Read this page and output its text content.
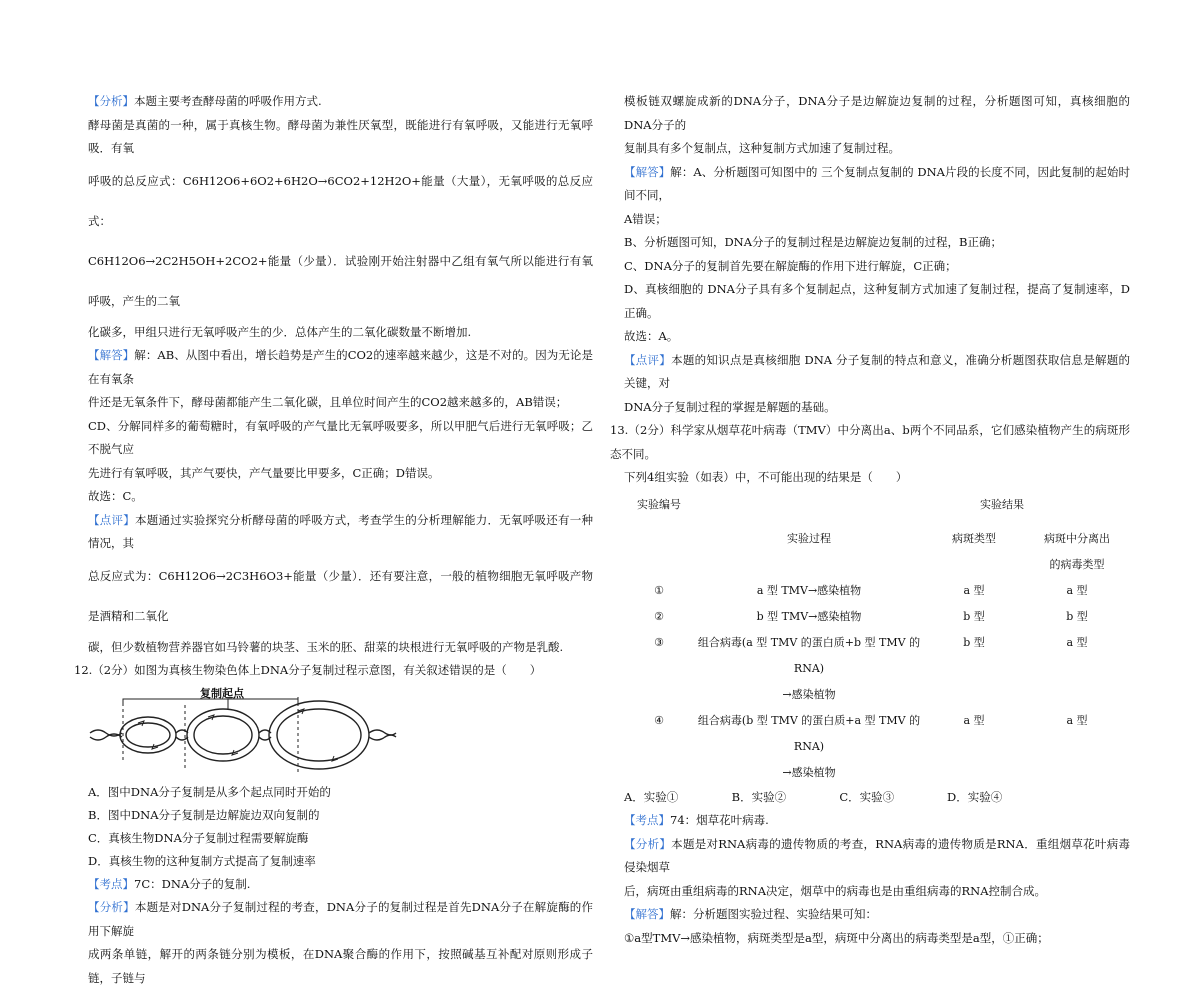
【分析】本题主要考查酵母菌的呼吸作用方式.

酵母菌是真菌的一种，属于真核生物。酵母菌为兼性厌氧型，既能进行有氧呼吸，又能进行无氧呼吸．有氧

呼吸的总反应式：C6H12O6+6O2+6H2O→6CO2+12H2O+能量（大量），无氧呼吸的总反应式：

C6H12O6→2C2H5OH+2CO2+能量（少量）．试验刚开始注射器中乙组有氧气所以能进行有氧呼吸，产生的二氧

化碳多，甲组只进行无氧呼吸产生的少．总体产生的二氧化碳数量不断增加.

【解答】解：AB、从图中看出，增长趋势是产生的CO2的速率越来越少，这是不对的。因为无论是在有氧条

件还是无氧条件下，酵母菌都能产生二氧化碳，且单位时间产生的CO2越来越多的，AB错误；

CD、分解同样多的葡萄糖时，有氧呼吸的产气量比无氧呼吸要多，所以甲肥气后进行无氧呼吸；乙不脱气应

先进行有氧呼吸，其产气要快，产气量要比甲要多，C正确；D错误。

故选：C。

【点评】本题通过实验探究分析酵母菌的呼吸方式，考查学生的分析理解能力．无氧呼吸还有一种情况，其

总反应式为：C6H12O6→2C3H6O3+能量（少量）．还有要注意，一般的植物细胞无氧呼吸产物是酒精和二氧化

碳，但少数植物营养器官如马铃薯的块茎、玉米的胚、甜菜的块根进行无氧呼吸的产物是乳酸.

12.（2分）如图为真核生物染色体上DNA分子复制过程示意图，有关叙述错误的是（　　）

复制起点

A．图中DNA分子复制是从多个起点同时开始的

B．图中DNA分子复制是边解旋边双向复制的

C．真核生物DNA分子复制过程需要解旋酶

D．真核生物的这种复制方式提高了复制速率

【考点】7C：DNA分子的复制.

【分析】本题是对DNA分子复制过程的考查，DNA分子的复制过程是首先DNA分子在解旋酶的作用下解旋

成两条单链，解开的两条链分别为模板，在DNA聚合酶的作用下，按照碱基互补配对原则形成子链，子链与

模板链双螺旋成新的DNA分子，DNA分子是边解旋边复制的过程，分析题图可知，真核细胞的DNA分子的

复制具有多个复制点，这种复制方式加速了复制过程。

【解答】解：A、分析题图可知图中的 三个复制点复制的 DNA片段的长度不同，因此复制的起始时间不同，

A错误；

B、分析题图可知，DNA分子的复制过程是边解旋边复制的过程，B正确；

C、DNA分子的复制首先要在解旋酶的作用下进行解旋，C正确；

D、真核细胞的 DNA分子具有多个复制起点，这种复制方式加速了复制过程，提高了复制速率，D正确。

故选：A。

【点评】本题的知识点是真核细胞 DNA 分子复制的特点和意义，准确分析题图获取信息是解题的关键，对

DNA分子复制过程的掌握是解题的基础。

13.（2分）科学家从烟草花叶病毒（TMV）中分离出a、b两个不同品系，它们感染植物产生的病斑形态不同。

下列4组实验（如表）中，不可能出现的结果是（　　）

实验编号		实验结果	

	实验过程	病斑类型	病斑中分离出
的病毒类型

①	a 型 TMV→感染植物	a 型	a 型
②	b 型 TMV→感染植物	b 型	b 型
③	组合病毒(a 型 TMV 的蛋白质+b 型 TMV 的 RNA)
→感染植物	b 型	a 型
④	组合病毒(b 型 TMV 的蛋白质+a 型 TMV 的 RNA)
→感染植物	a 型	a 型

A．实验①	B．实验②	C．实验③	D．实验④

【考点】74：烟草花叶病毒.

【分析】本题是对RNA病毒的遗传物质的考查，RNA病毒的遗传物质是RNA．重组烟草花叶病毒侵染烟草

后，病斑由重组病毒的RNA决定，烟草中的病毒也是由重组病毒的RNA控制合成。

【解答】解：分析题图实验过程、实验结果可知：

①a型TMV→感染植物，病斑类型是a型，病斑中分离出的病毒类型是a型，①正确；
